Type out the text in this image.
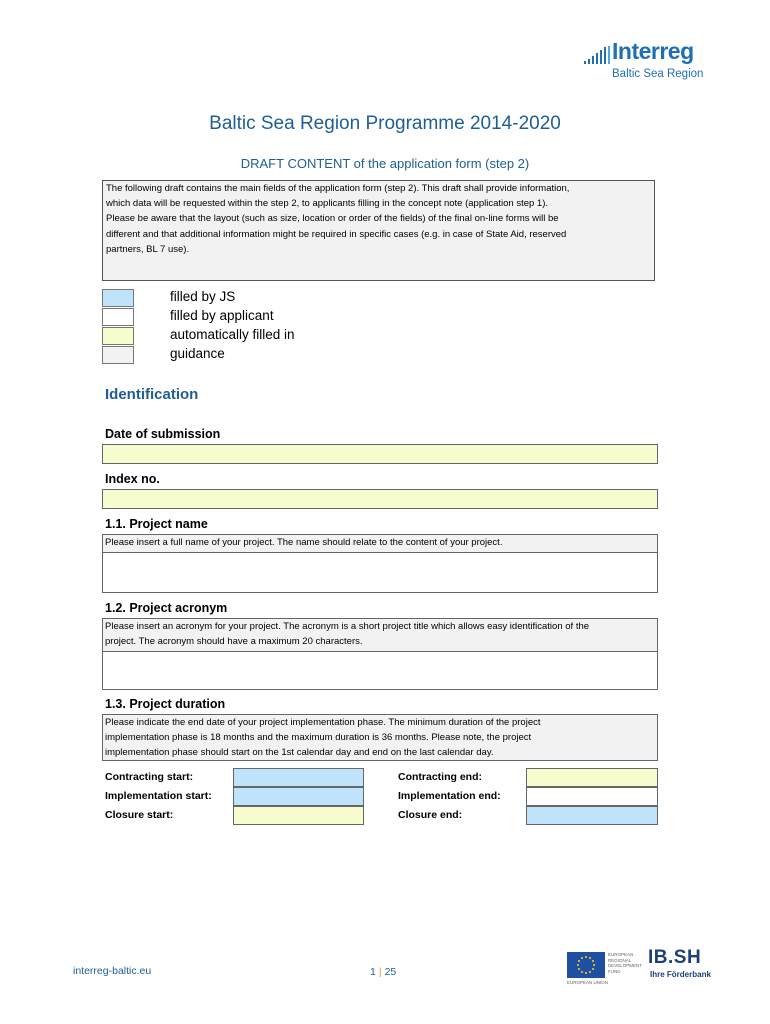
Interreg
Baltic Sea Region
Baltic Sea Region Programme 2014-2020
DRAFT CONTENT of the application form (step 2)
The following draft contains the main fields of the application form (step 2). This draft shall provide information,
which data will be requested within the step 2, to applicants filling in the concept note (application step 1).
Please be aware that the layout (such as size, location or order of the fields) of the final on-line forms will be
different and that additional information might be required in specific cases (e.g. in case of State Aid, reserved
partners, BL 7 use).
filled by JS
filled by applicant
automatically filled in
guidance
Identification
Date of submission
Index no.
1.1. Project name
Please insert a full name of your project. The name should relate to the content of your project.
1.2. Project acronym
Please insert an acronym for your project. The acronym is a short project title which allows easy identification of the
project. The acronym should have a maximum 20 characters.
1.3. Project duration
Please indicate the end date of your project implementation phase. The minimum duration of the project
implementation phase is 18 months and the maximum duration is 36 months. Please note, the project
implementation phase should start on the 1st calendar day and end on the last calendar day.
Contracting start:	Contracting end:
Implementation start:	Implementation end:
Closure start:	Closure end:
interreg-baltic.eu	1 | 25
EUROPEAN
REGIONAL
DEVELOPMENT
FUND
EUROPEAN UNION
IB.SH
Ihre Förderbank
